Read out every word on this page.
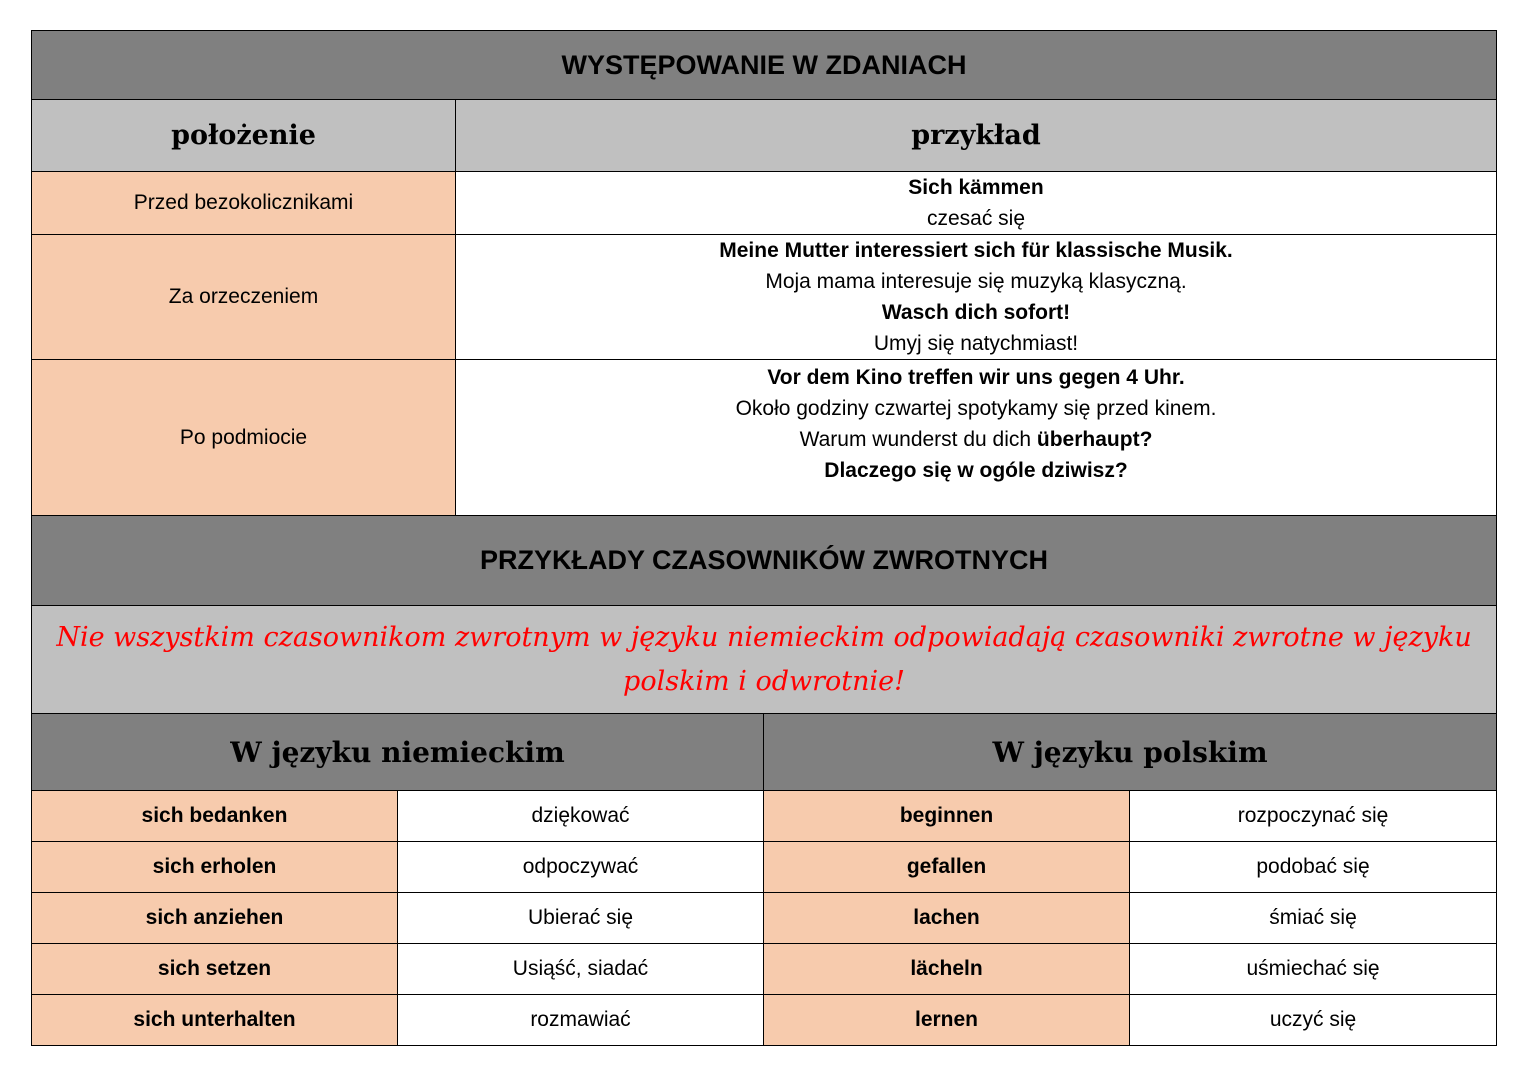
WYSTĘPOWANIE W ZDANIACH	
położenie	przykład
Przed bezokolicznikami	Sich kämmen
czesać się

Za orzeczeniem	Meine Mutter interessiert sich für klassische Musik.
Moja mama interesuje się muzyką klasyczną.
Wasch dich sofort!
Umyj się natychmiast!

Po podmiocie	Vor dem Kino treffen wir uns gegen 4 Uhr.
Około godziny czwartej spotykamy się przed kinem.
Warum wunderst du dich überhaupt?
Dlaczego się w ogóle dziwisz?
PRZYKŁADY CZASOWNIKÓW ZWROTNYCH			
Nie wszystkim czasownikom zwrotnym w języku niemieckim odpowiadają czasowniki zwrotne w języku polskim i odwrotnie!			
W języku niemieckim		W języku polskim	
sich bedanken	dziękować	beginnen	rozpoczynać się
sich erholen	odpoczywać	gefallen	podobać się
sich anziehen	Ubierać się	lachen	śmiać się
sich setzen	Usiąść, siadać	lächeln	uśmiechać się
sich unterhalten	rozmawiać	lernen	uczyć się
